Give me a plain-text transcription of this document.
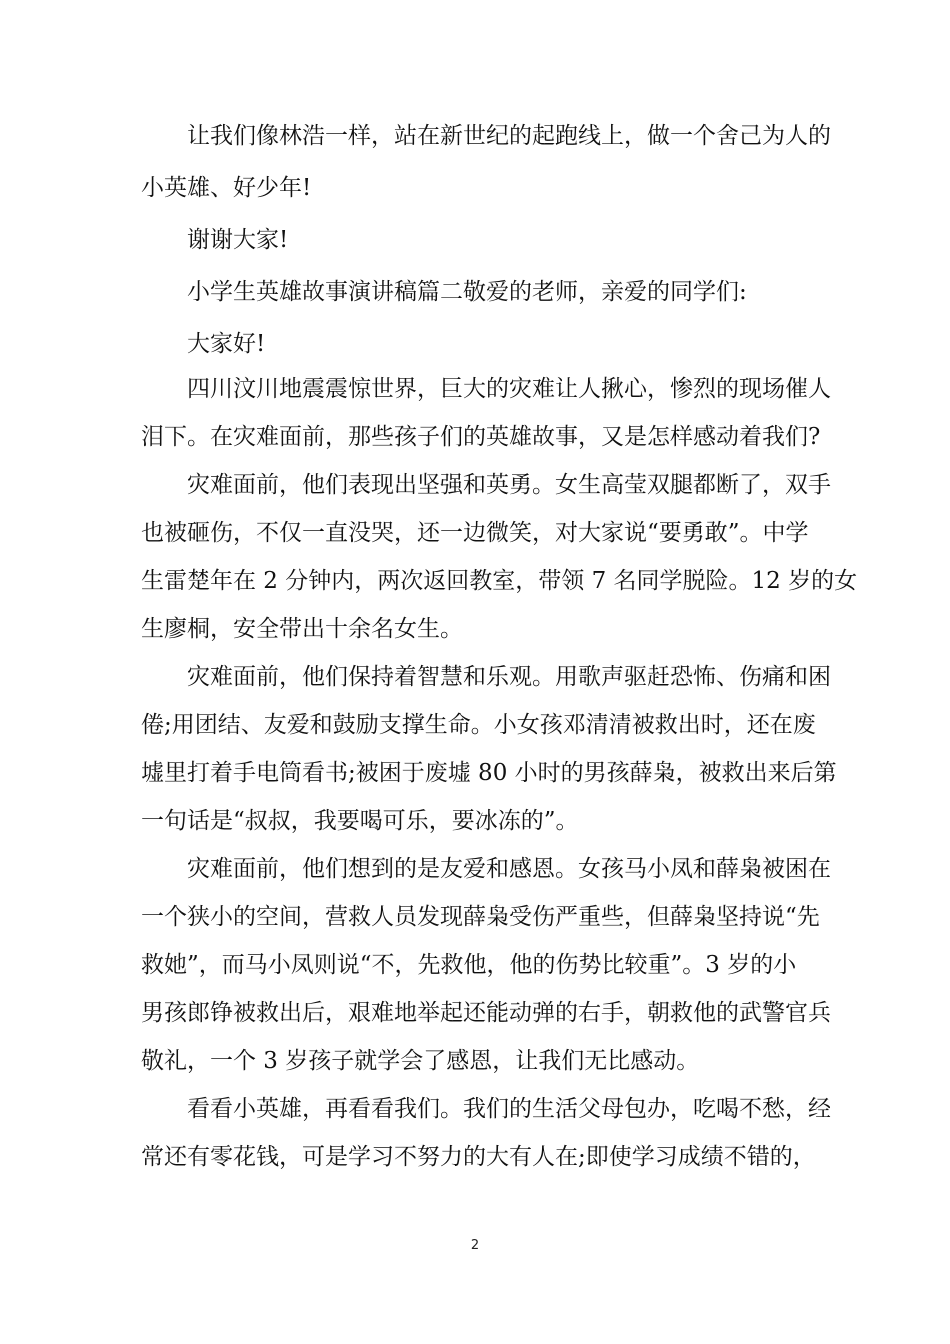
　　让我们像林浩一样，站在新世纪的起跑线上，做一个舍己为人的
小英雄、好少年!
　　谢谢大家!
　　小学生英雄故事演讲稿篇二敬爱的老师，亲爱的同学们:
　　大家好!
　　四川汶川地震震惊世界，巨大的灾难让人揪心，惨烈的现场催人
泪下。在灾难面前，那些孩子们的英雄故事，又是怎样感动着我们?
　　灾难面前，他们表现出坚强和英勇。女生高莹双腿都断了，双手
也被砸伤，不仅一直没哭，还一边微笑，对大家说“要勇敢”。中学
生雷楚年在 2 分钟内，两次返回教室，带领 7 名同学脱险。12 岁的女
生廖桐，安全带出十余名女生。
　　灾难面前，他们保持着智慧和乐观。用歌声驱赶恐怖、伤痛和困
倦;用团结、友爱和鼓励支撑生命。小女孩邓清清被救出时，还在废
墟里打着手电筒看书;被困于废墟 80 小时的男孩薛枭，被救出来后第
一句话是“叔叔，我要喝可乐，要冰冻的”。
　　灾难面前，他们想到的是友爱和感恩。女孩马小凤和薛枭被困在
一个狭小的空间，营救人员发现薛枭受伤严重些，但薛枭坚持说“先
救她”，而马小凤则说“不，先救他，他的伤势比较重”。3 岁的小
男孩郎铮被救出后，艰难地举起还能动弹的右手，朝救他的武警官兵
敬礼，一个 3 岁孩子就学会了感恩，让我们无比感动。
　　看看小英雄，再看看我们。我们的生活父母包办，吃喝不愁，经
常还有零花钱，可是学习不努力的大有人在;即使学习成绩不错的，
2
